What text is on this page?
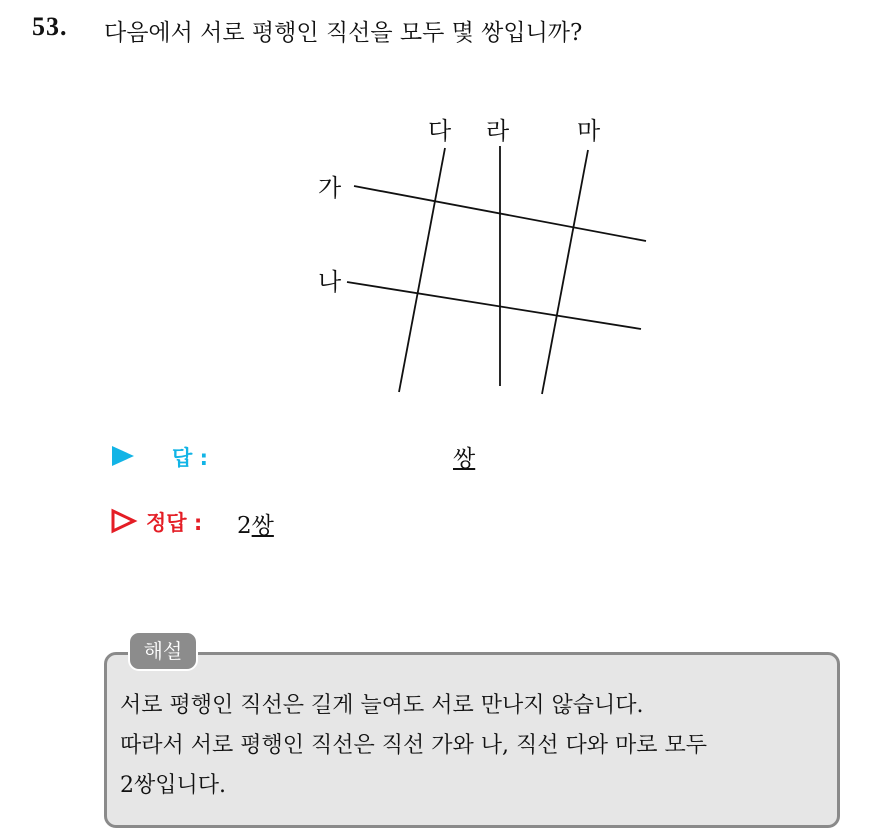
53. 다음에서 서로 평행인 직선을 모두 몇 쌍입니까?
다 라	마
가
나
답 :	쌍
정답 : 2쌍
해설
서로 평행인 직선은 길게 늘여도 서로 만나지 않습니다.
따라서 서로 평행인 직선은 직선 가와 나, 직선 다와 마로 모두
2쌍입니다.
